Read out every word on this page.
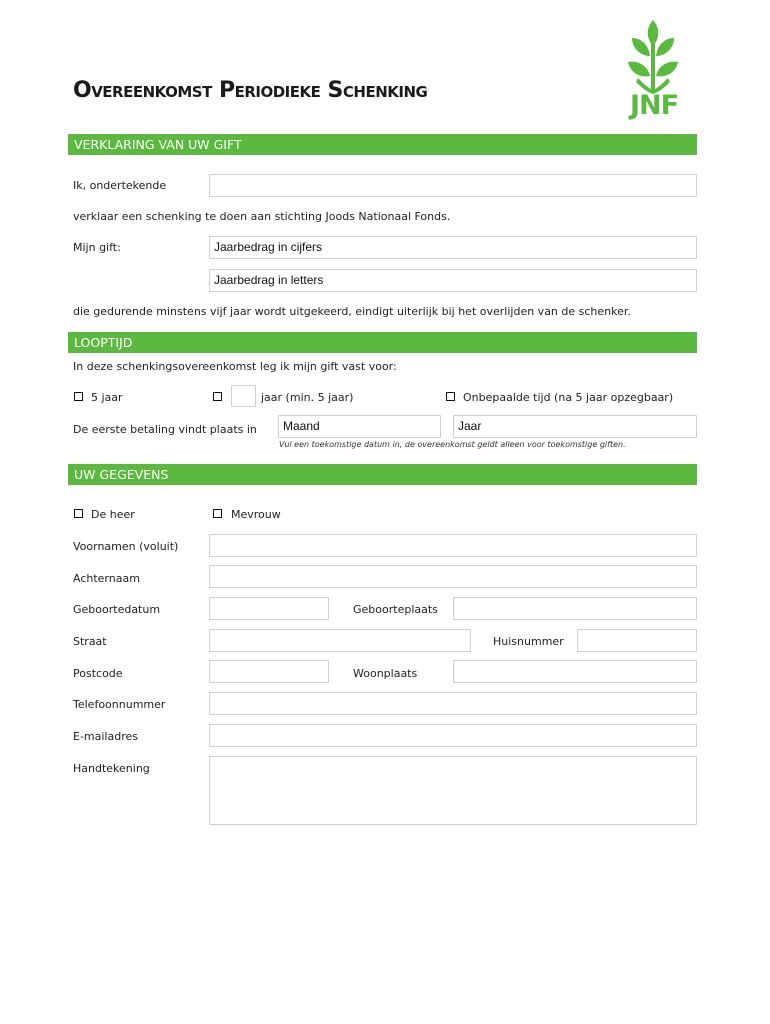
JNF
Overeenkomst Periodieke Schenking
VERKLARING VAN UW GIFT
Ik, ondertekende
verklaar een schenking te doen aan stichting Joods Nationaal Fonds.
Mijn gift:	Jaarbedrag in cijfers
Jaarbedrag in letters
die gedurende minstens vijf jaar wordt uitgekeerd, eindigt uiterlijk bij het overlijden van de schenker.
LOOPTIJD
In deze schenkingsovereenkomst leg ik mijn gift vast voor:
5 jaar	jaar (min. 5 jaar)	Onbepaalde tijd (na 5 jaar opzegbaar)
De eerste betaling vindt plaats in	Maand	Jaar
Vul een toekomstige datum in, de overeenkomst geldt alleen voor toekomstige giften.
UW GEGEVENS
De heer	Mevrouw
Voornamen (voluit)
Achternaam
Geboortedatum	Geboorteplaats
Straat	Huisnummer
Postcode	Woonplaats
Telefoonnummer
E-mailadres
Handtekening
